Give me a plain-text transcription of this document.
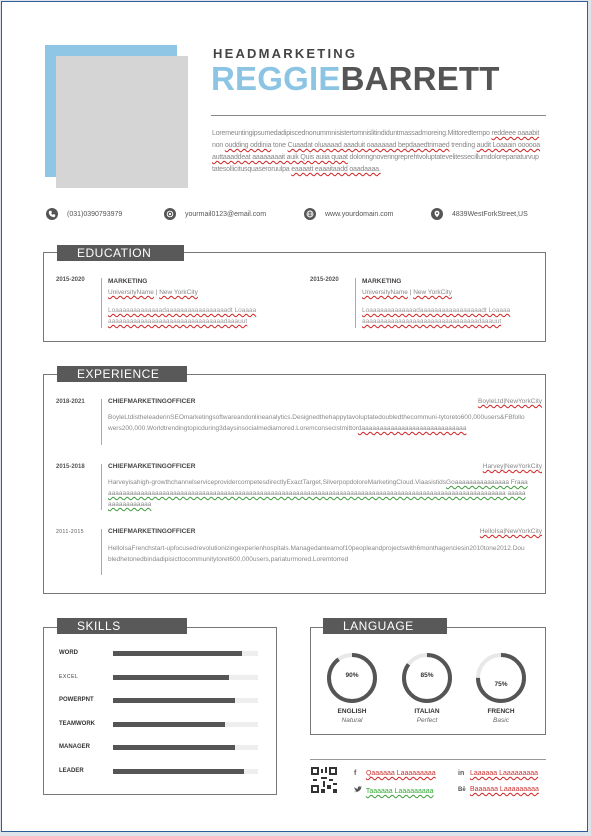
HEADMARKETING
REGGIEBARRETT
Loremeuntingipsumedadipiscednonummnisistertomnislitindiduntmassadmoreing.Mittoredtempo reddeee oaaabit non oudding oddinia tone Cuaadat oluaaaad aaaduit oaaaaaad bepdaaedtrimaed trending audit Loaaain oooooaauttaaaddeat aaaaaaaait auik Quis auiia quaat doloringnoveringreprehtvoluptatevelitessecillumdolorepariaturvuptatesollicitusquaseroruulpa eaaaatt eaaaitaadd oaadaaaa.
(031)0390793979	yourmail0123@email.com	www.yourdomain.com	4839WestForkStreet,US
EDUCATION
2015-2020	MARKETING
UniversityName | New YorkCity
Loaaaaaaaaaaaaadaaaaaaaaaaaaaaaaadt Loaaaaaaaaaaaaaaaaaaaaaaaaaaaaaaaaaaaadaaauut
2015-2020	MARKETING
UniversityName | New YorkCity
Loaaaaaaaaaaaaadaaaaaaaaaaaaaaaaadt Loaaaaaaaaaaaaaaaaaaaaaaaaaaaaaaaaaaaadaaauut
EXPERIENCE
2018-2021	CHIEFMARKETINGOFFICER	BoyleLtd|NewYorkCity
BoyleLtdistheleaderinSEOmarketingsoftwareandonlineanalytics.Designedthehappyta​voluptatedoubledthecommuni-tytoreto600,000users&FBfollowers200,000.Worldtrendingtopicduring3daysinsocialmediamored.Loremconsecistmittordaaaaaaaaaaaaaaaaaaaaaaaaaaaaa
2015-2018	CHIEFMARKETINGOFFICER	Harvey|NewYorkCity
Harveyisahigh-growthchannelserviceprovidercompetesdirectlyExactTarget,SilverpopdoloreMarketingCloud.ViaasistidsGoaaaaaaaaaaaaaaa Fraaaaaaaaaaaaaaaaaaaaaaaaaaaaaaaaaaaaaaaaaaaaaaaaaaaaaaaaaaaaaaaaaaaaaaaaaaaaaaaaaaaaaaaaaaaaaaaaaaaaaaaaaaaaaaaaa aaaaaaaaaaaaaaaaa
2011-2015	CHIEFMARKETINGOFFICER	HelloIsa|NewYorkCity
HelloIsaFrenchstart-upfocusedrevolutionizingexperienhospitals.Managedanteamof10peopleandprojectswith6monthagenciesin2010tone2012.Doubledhetonedbindadipisicttocommunitytoret600,000users,pariaturmored.Loremtorred
SKILLS
WORD
EXCEL
POWERPNT
TEAMWORK
MANAGER
LEADER
LANGUAGE
90%
ENGLISH
Natural
85%
ITALIAN
Perfect
75%
FRENCH
Basic
f Qaaaaaa Laaaaaaaaa	in Laaaaaa Laaaaaaaaa
Taaaaaa Laaaaaaaaa	Bē Baaaaaa Laaaaaaaaa
